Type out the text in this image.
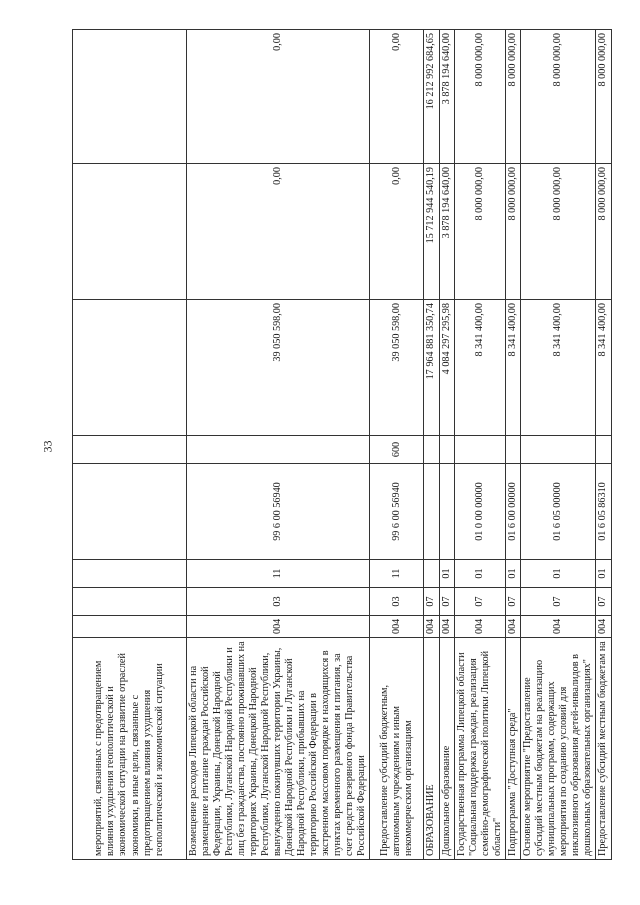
33
мероприятий, связанных с предотвращением влияния ухудшения геополитической и экономической ситуации на развитие отраслей экономики, в иные цели, связанные с предотвращением влияния ухудшения геополитической и экономической ситуации								
Возмещение расходов Липецкой области на размещение и питание граждан Российской Федерации, Украины, Донецкой Народной Республики, Луганской Народной Республики и лиц без гражданства, постоянно проживавших на территориях Украины, Донецкой Народной Республики, Луганской Народной Республики, вынужденно покинувших территории Украины, Донецкой Народной Республики и Луганской Народной Республики, прибывших на территорию Российской Федерации в экстренном массовом порядке и находящихся в пунктах временного размещения и питания, за счет средств резервного фонда Правительства Российской Федерации	004	03	11	99 6 00 56940		39 050 598,00	0,00	0,00
Предоставление субсидий бюджетным, автономным учреждениям и иным некоммерческим организациям	004	03	11	99 6 00 56940	600	39 050 598,00	0,00	0,00
ОБРАЗОВАНИЕ	004	07				17 964 881 350,74	15 712 944 540,19	16 212 992 684,65
Дошкольное образование	004	07	01			4 084 297 295,98	3 878 194 640,00	3 878 194 640,00
Государственная программа Липецкой области "Социальная поддержка граждан, реализация семейно-демографической политики Липецкой области"	004	07	01	01 0 00 00000		8 341 400,00	8 000 000,00	8 000 000,00
Подпрограмма "Доступная среда"	004	07	01	01 6 00 00000		8 341 400,00	8 000 000,00	8 000 000,00
Основное мероприятие "Предоставление субсидий местным бюджетам на реализацию муниципальных программ, содержащих мероприятия по созданию условий для инклюзивного образования детей-инвалидов в дошкольных образовательных организациях"	004	07	01	01 6 05 00000		8 341 400,00	8 000 000,00	8 000 000,00
Предоставление субсидий местным бюджетам на	004	07	01	01 6 05 86310		8 341 400,00	8 000 000,00	8 000 000,00
